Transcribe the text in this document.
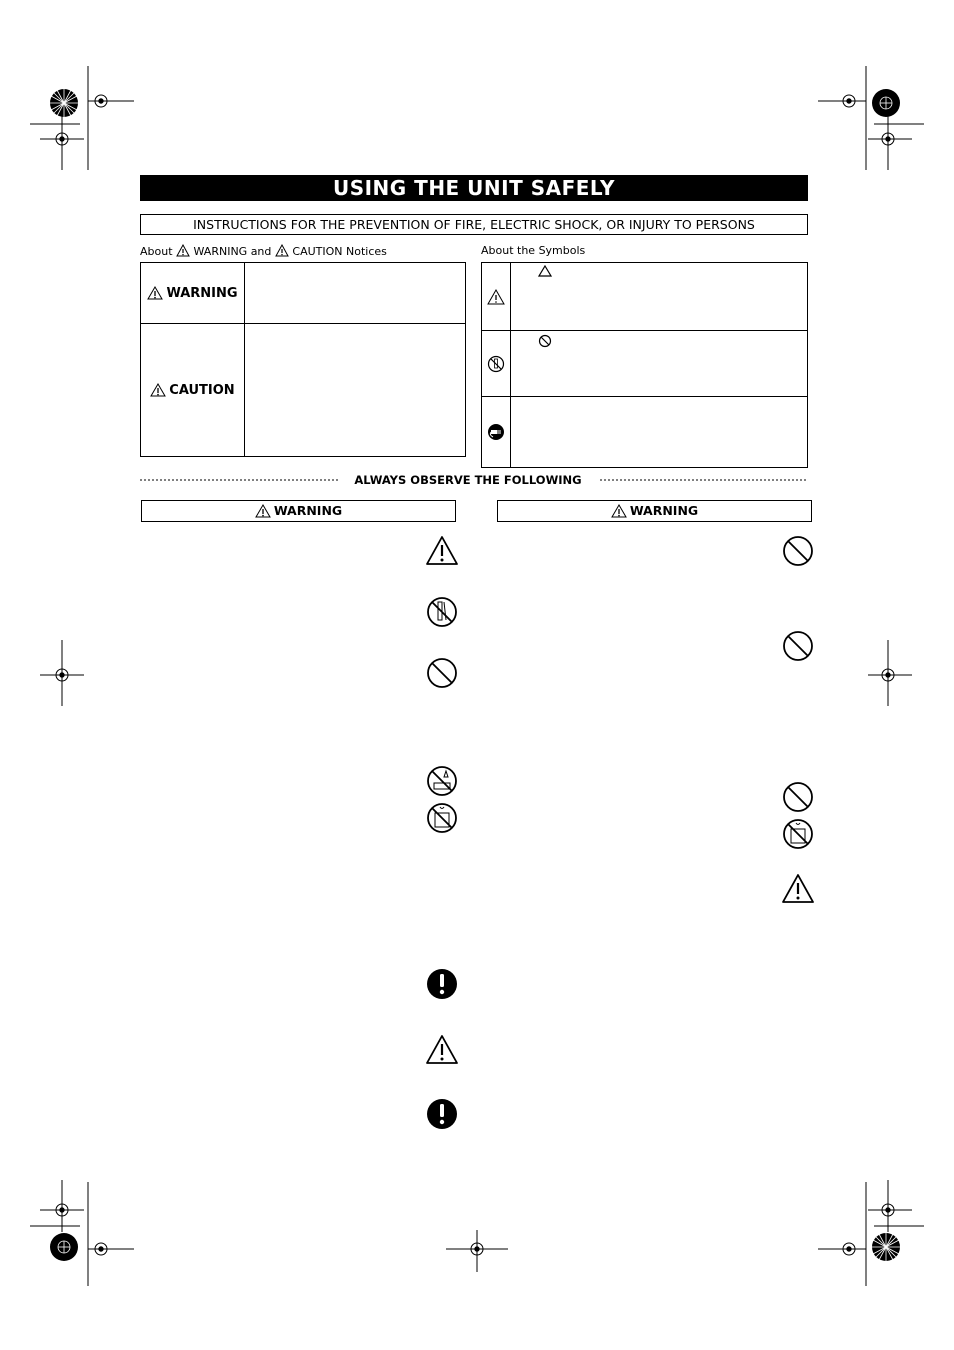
USING THE UNIT SAFELY
INSTRUCTIONS FOR THE PREVENTION OF FIRE, ELECTRIC SHOCK, OR INJURY TO PERSONS
About WARNING and CAUTION Notices	About the Symbols
WARNING
CAUTION
ALWAYS OBSERVE THE FOLLOWING
WARNING	WARNING
